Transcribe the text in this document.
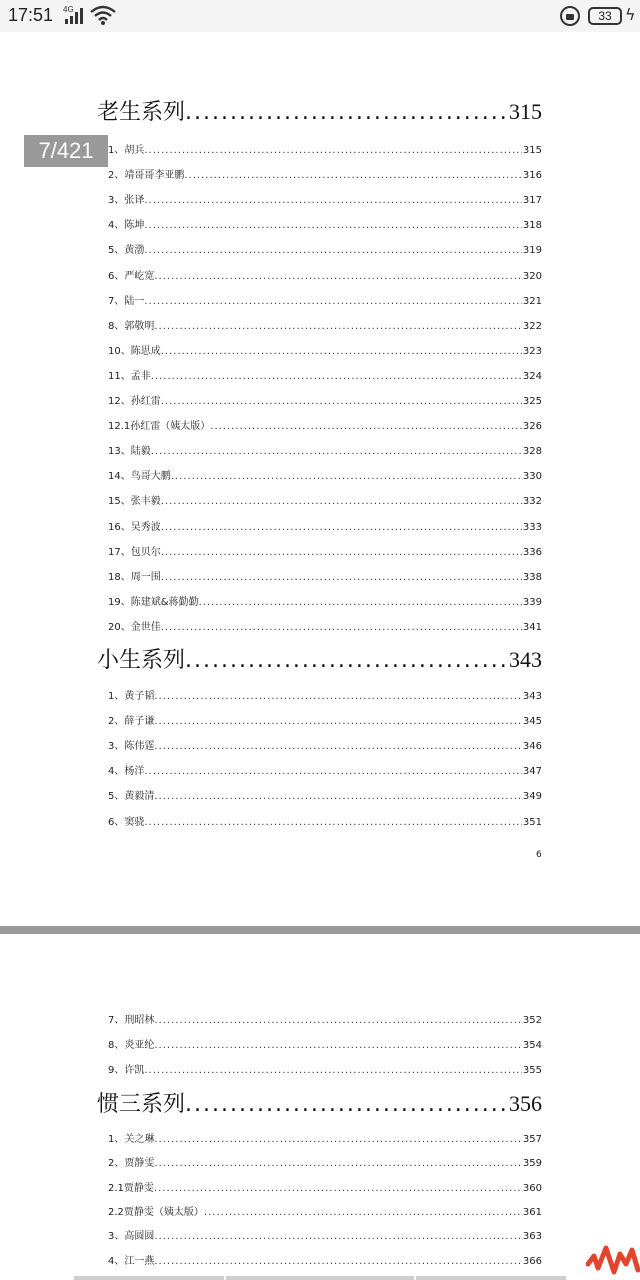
17:51 4G	33 ϟ
老生系列 .....	315
1、胡兵 .....	315
2、靖哥哥李亚鹏 .....	316
3、张译 .....	317
4、陈坤 .....	318
5、黄渤 .....	319
6、严屹宽 .....	320
7、陆一 .....	321
8、郭敬明 .....	322
10、陈思成 .....	323
11、孟非 .....	324
12、孙红雷 .....	325
12.1孙红雷（姨太版） .....	326
13、陆毅 .....	328
14、鸟哥大鹏 .....	330
15、张丰毅 .....	332
16、吴秀波 .....	333
17、包贝尔 .....	336
18、周一围 .....	338
19、陈建斌&蒋勤勤 .....	339
20、金世佳 .....	341
小生系列 .....	343
1、黄子韬 .....	343
2、薛子谦 .....	345
3、陈伟霆 .....	346
4、杨洋 .....	347
5、黄毅清 .....	349
6、窦骁 .....	351
6
7/421
7、刑昭林 .....	352
8、炎亚纶 .....	354
9、许凯 .....	355
惯三系列 .....	356
1、关之琳 .....	357
2、贾静雯 .....	359
2.1贾静雯 .....	360
2.2贾静雯（姨太版） .....	361
3、高圆圆 .....	363
4、江一燕 .....	366
